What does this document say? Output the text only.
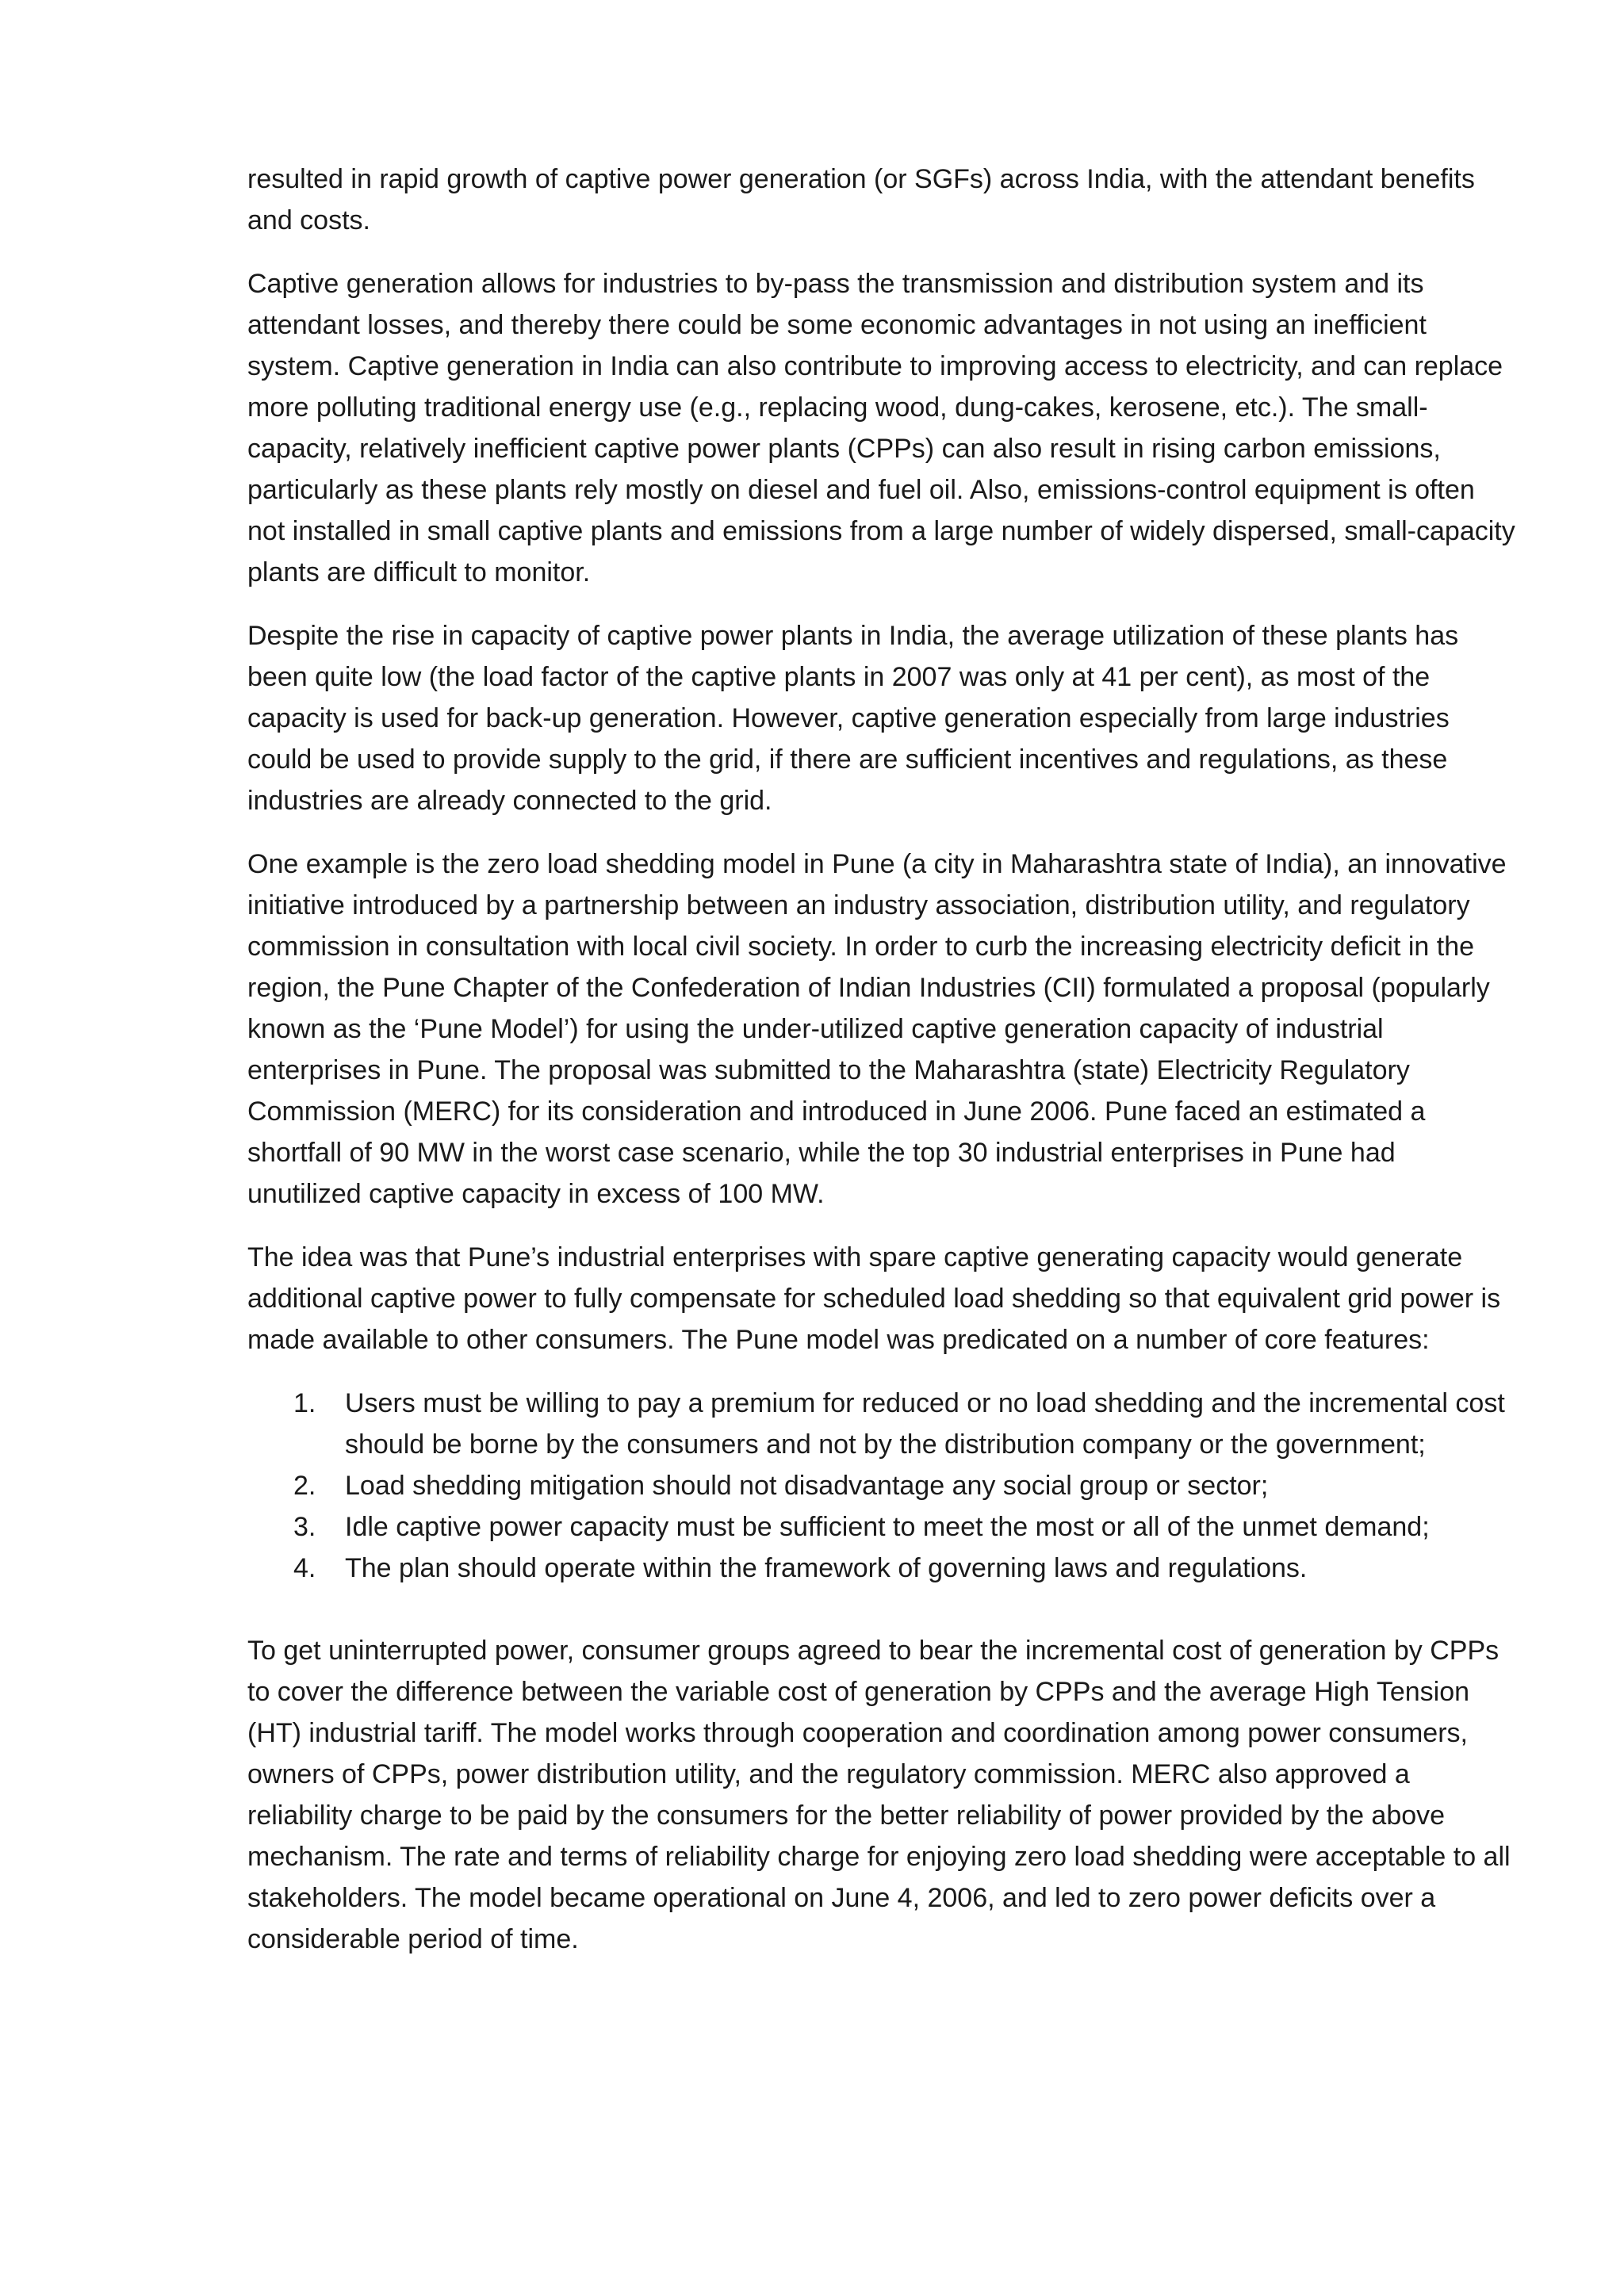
resulted in rapid growth of captive power generation (or SGFs) across India, with the attendant benefits and costs.

Captive generation allows for industries to by-pass the transmission and distribution system and its attendant losses, and thereby there could be some economic advantages in not using an inefficient system. Captive generation in India can also contribute to improving access to electricity, and can replace more polluting traditional energy use (e.g., replacing wood, dung-cakes, kerosene, etc.). The small-capacity, relatively inefficient captive power plants (CPPs) can also result in rising carbon emissions, particularly as these plants rely mostly on diesel and fuel oil. Also, emissions-control equipment is often not installed in small captive plants and emissions from a large number of widely dispersed, small-capacity plants are difficult to monitor.

Despite the rise in capacity of captive power plants in India, the average utilization of these plants has been quite low (the load factor of the captive plants in 2007 was only at 41 per cent), as most of the capacity is used for back-up generation. However, captive generation especially from large industries could be used to provide supply to the grid, if there are sufficient incentives and regulations, as these industries are already connected to the grid.

One example is the zero load shedding model in Pune (a city in Maharashtra state of India), an innovative initiative introduced by a partnership between an industry association, distribution utility, and regulatory commission in consultation with local civil society. In order to curb the increasing electricity deficit in the region, the Pune Chapter of the Confederation of Indian Industries (CII) formulated a proposal (popularly known as the ‘Pune Model’) for using the under-utilized captive generation capacity of industrial enterprises in Pune. The proposal was submitted to the Maharashtra (state) Electricity Regulatory Commission (MERC) for its consideration and introduced in June 2006. Pune faced an estimated a shortfall of 90 MW in the worst case scenario, while the top 30 industrial enterprises in Pune had unutilized captive capacity in excess of 100 MW.

The idea was that Pune’s industrial enterprises with spare captive generating capacity would generate additional captive power to fully compensate for scheduled load shedding so that equivalent grid power is made available to other consumers. The Pune model was predicated on a number of core features:

1.	Users must be willing to pay a premium for reduced or no load shedding and the incremental cost should be borne by the consumers and not by the distribution company or the government;
2.	Load shedding mitigation should not disadvantage any social group or sector;
3.	Idle captive power capacity must be sufficient to meet the most or all of the unmet demand;
4.	The plan should operate within the framework of governing laws and regulations.

To get uninterrupted power, consumer groups agreed to bear the incremental cost of generation by CPPs to cover the difference between the variable cost of generation by CPPs and the average High Tension (HT) industrial tariff. The model works through cooperation and coordination among power consumers, owners of CPPs, power distribution utility, and the regulatory commission. MERC also approved a reliability charge to be paid by the consumers for the better reliability of power provided by the above mechanism. The rate and terms of reliability charge for enjoying zero load shedding were acceptable to all stakeholders. The model became operational on June 4, 2006, and led to zero power deficits over a considerable period of time.
